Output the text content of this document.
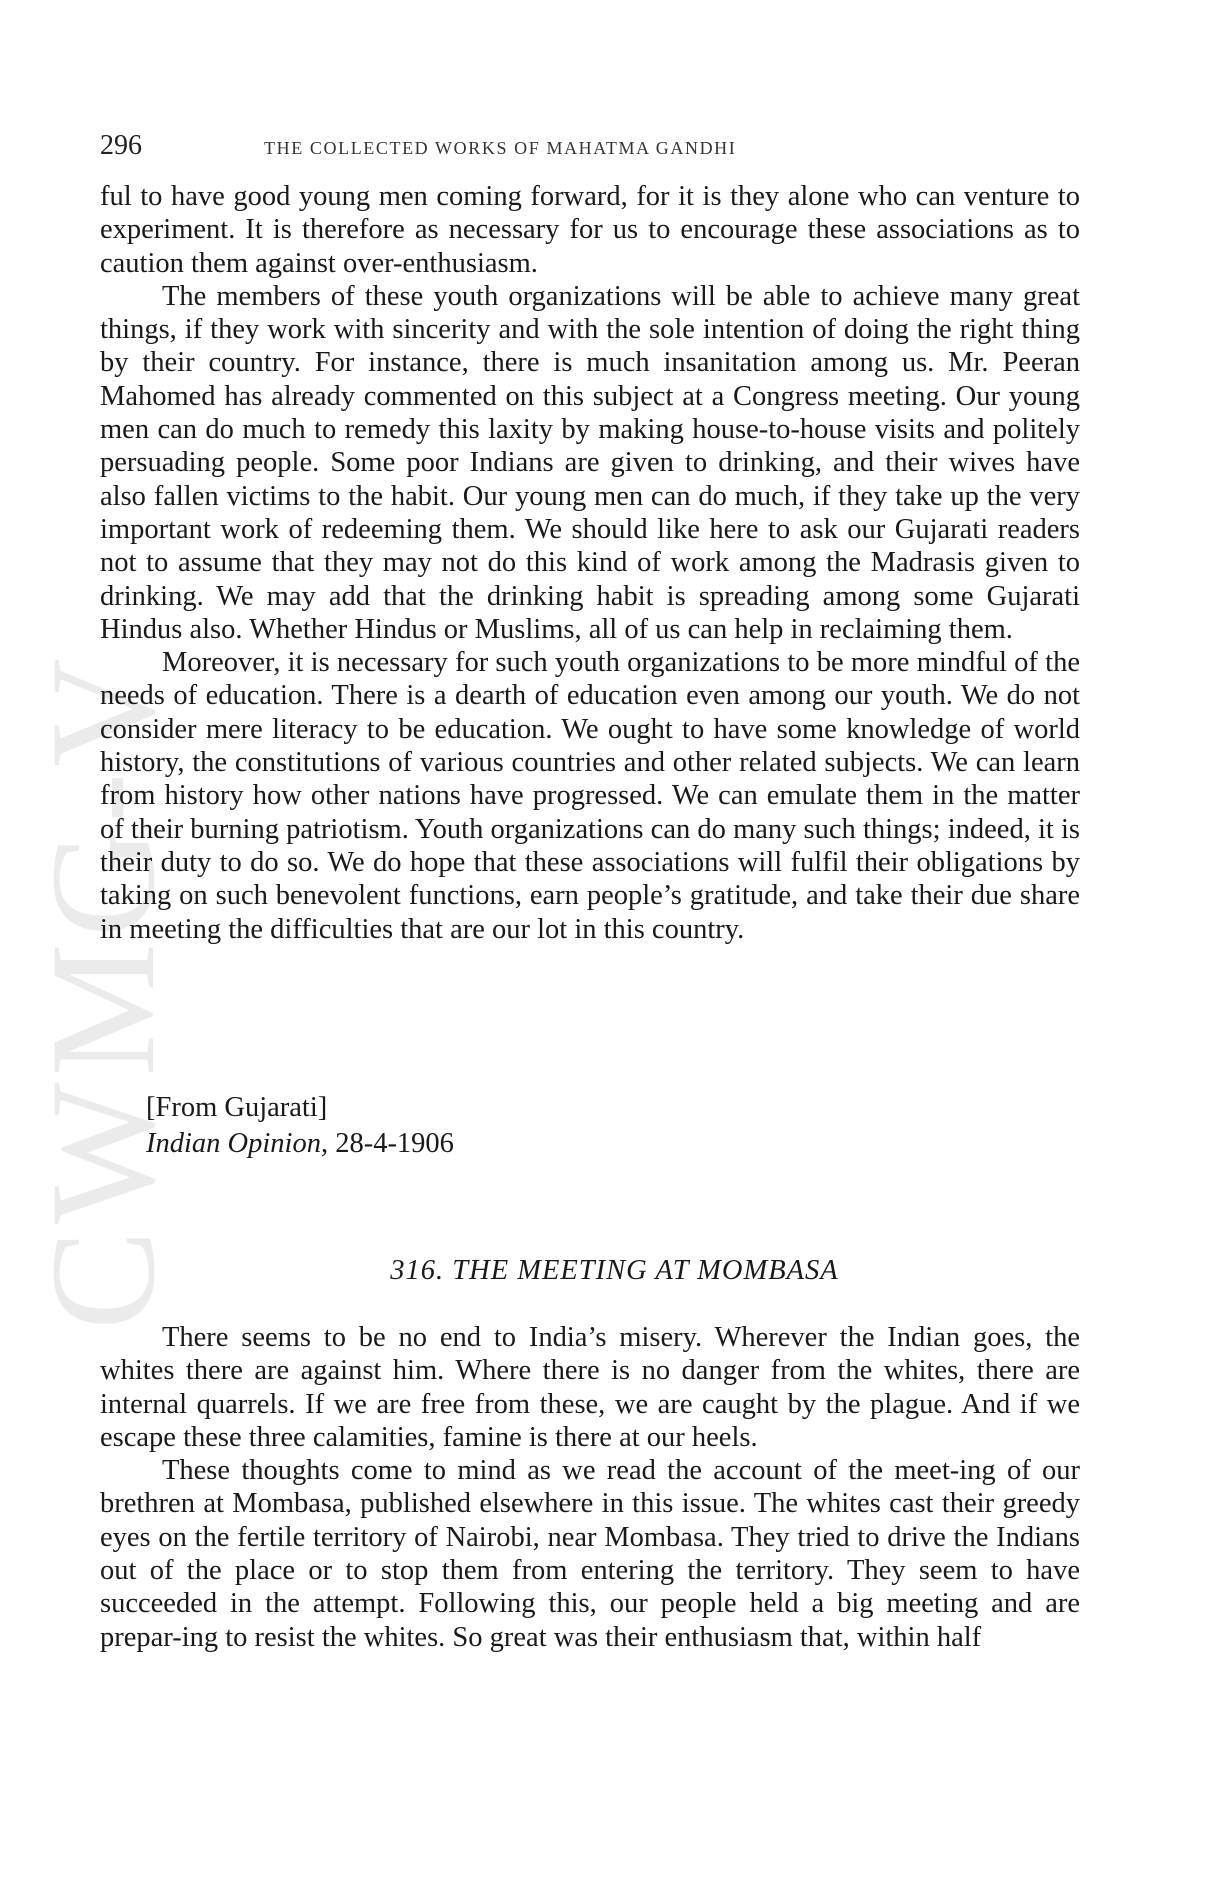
CWMG-V
296	THE COLLECTED WORKS OF MAHATMA GANDHI

ful to have good young men coming forward, for it is they alone who can venture to experiment. It is therefore as necessary for us to encourage these associations as to caution them against over-enthusiasm.

The members of these youth organizations will be able to achieve many great things, if they work with sincerity and with the sole intention of doing the right thing by their country. For instance, there is much insanitation among us. Mr. Peeran Mahomed has already commented on this subject at a Congress meeting. Our young men can do much to remedy this laxity by making house-to-house visits and politely persuading people. Some poor Indians are given to drinking, and their wives have also fallen victims to the habit. Our young men can do much, if they take up the very important work of redeeming them. We should like here to ask our Gujarati readers not to assume that they may not do this kind of work among the Madrasis given to drinking. We may add that the drinking habit is spreading among some Gujarati Hindus also. Whether Hindus or Muslims, all of us can help in reclaiming them.

Moreover, it is necessary for such youth organizations to be more mindful of the needs of education. There is a dearth of education even among our youth. We do not consider mere literacy to be education. We ought to have some knowledge of world history, the constitutions of various countries and other related subjects. We can learn from history how other nations have progressed. We can emulate them in the matter of their burning patriotism. Youth organizations can do many such things; indeed, it is their duty to do so. We do hope that these associations will fulfil their obligations by taking on such benevolent functions, earn people’s gratitude, and take their due share in meeting the difficulties that are our lot in this country.

[From Gujarati]
Indian Opinion, 28-4-1906
316. THE MEETING AT MOMBASA

There seems to be no end to India’s misery. Wherever the Indian goes, the whites there are against him. Where there is no danger from the whites, there are internal quarrels. If we are free from these, we are caught by the plague. And if we escape these three calamities, famine is there at our heels.

These thoughts come to mind as we read the account of the meet-ing of our brethren at Mombasa, published elsewhere in this issue. The whites cast their greedy eyes on the fertile territory of Nairobi, near Mombasa. They tried to drive the Indians out of the place or to stop them from entering the territory. They seem to have succeeded in the attempt. Following this, our people held a big meeting and are prepar-ing to resist the whites. So great was their enthusiasm that, within half
